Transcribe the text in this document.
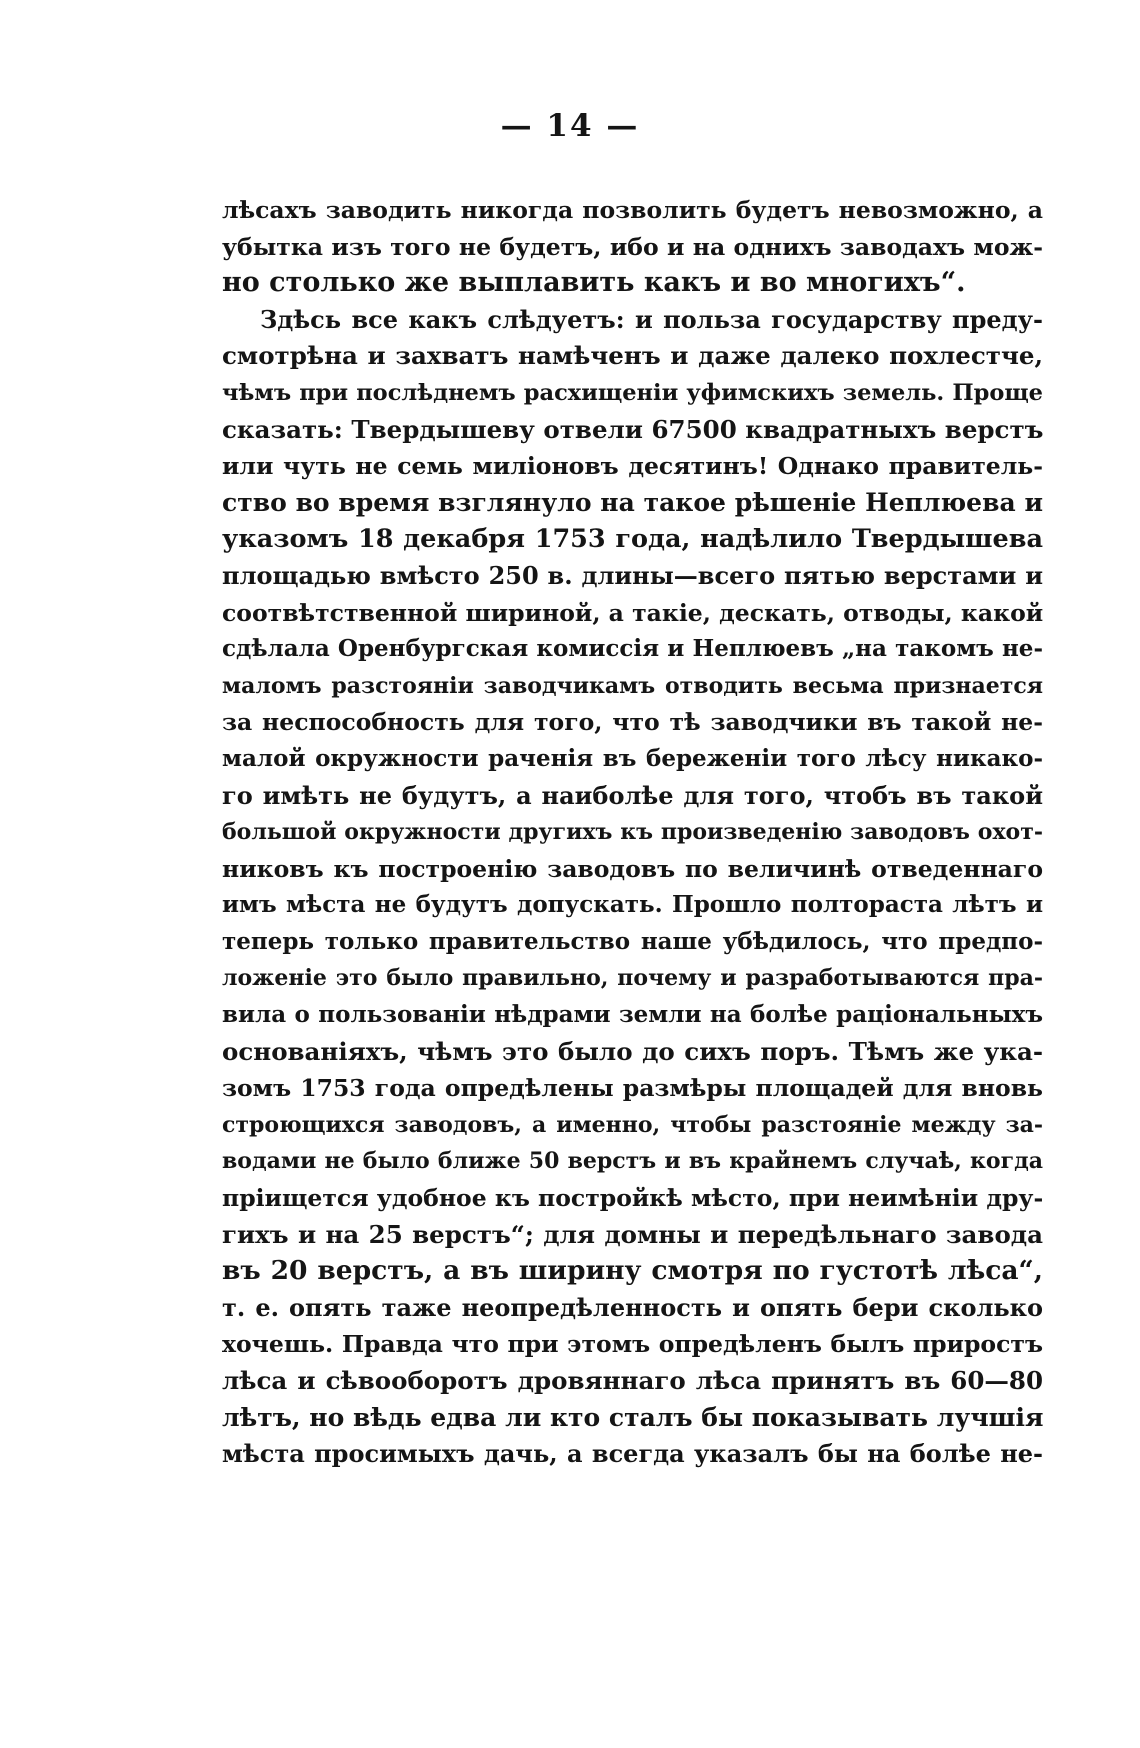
— 14 —
лѣсахъ заводить никогда позволить будетъ невозможно, а
убытка изъ того не будетъ, ибо и на однихъ заводахъ мож-
но столько же выплавить какъ и во многихъ“.
Здѣсь все какъ слѣдуетъ: и польза государству преду-
смотрѣна и захватъ намѣченъ и даже далеко похлестче,
чѣмъ при послѣднемъ расхищенiи уфимскихъ земель. Проще
сказать: Твердышеву отвели 67500 квадратныхъ верстъ
или чуть не семь милiоновъ десятинъ! Однако правитель-
ство во время взглянуло на такое рѣшенiе Неплюева и
указомъ 18 декабря 1753 года, надѣлило Твердышева
площадью вмѣсто 250 в. длины—всего пятью верстами и
соотвѣтственной шириной, а такiе, дескать, отводы, какой
сдѣлала Оренбургская комиссiя и Неплюевъ „на такомъ не-
маломъ разстоянiи заводчикамъ отводить весьма признается
за неспособность для того, что тѣ заводчики въ такой не-
малой окружности раченiя въ береженiи того лѣсу никако-
го имѣть не будутъ, а наиболѣе для того, чтобъ въ такой
большой окружности другихъ къ произведенiю заводовъ охот-
никовъ къ построенiю заводовъ по величинѣ отведеннаго
имъ мѣста не будутъ допускать. Прошло полтораста лѣтъ и
теперь только правительство наше убѣдилось, что предпо-
ложенiе это было правильно, почему и разработываются пра-
вила о пользованiи нѣдрами земли на болѣе рацiональныхъ
основанiяхъ, чѣмъ это было до сихъ поръ. Тѣмъ же ука-
зомъ 1753 года опредѣлены размѣры площадей для вновь
строющихся заводовъ, а именно, чтобы разстоянiе между за-
водами не было ближе 50 верстъ и въ крайнемъ случаѣ, когда
прiищется удобное къ постройкѣ мѣсто, при неимѣнiи дру-
гихъ и на 25 верстъ“; для домны и передѣльнаго завода
въ 20 верстъ, а въ ширину смотря по густотѣ лѣса“,
т. е. опять таже неопредѣленность и опять бери сколько
хочешь. Правда что при этомъ опредѣленъ былъ приростъ
лѣса и сѣвооборотъ дровяннаго лѣса принятъ въ 60—80
лѣтъ, но вѣдь едва ли кто сталъ бы показывать лучшiя
мѣста просимыхъ дачь, а всегда указалъ бы на болѣе не-
